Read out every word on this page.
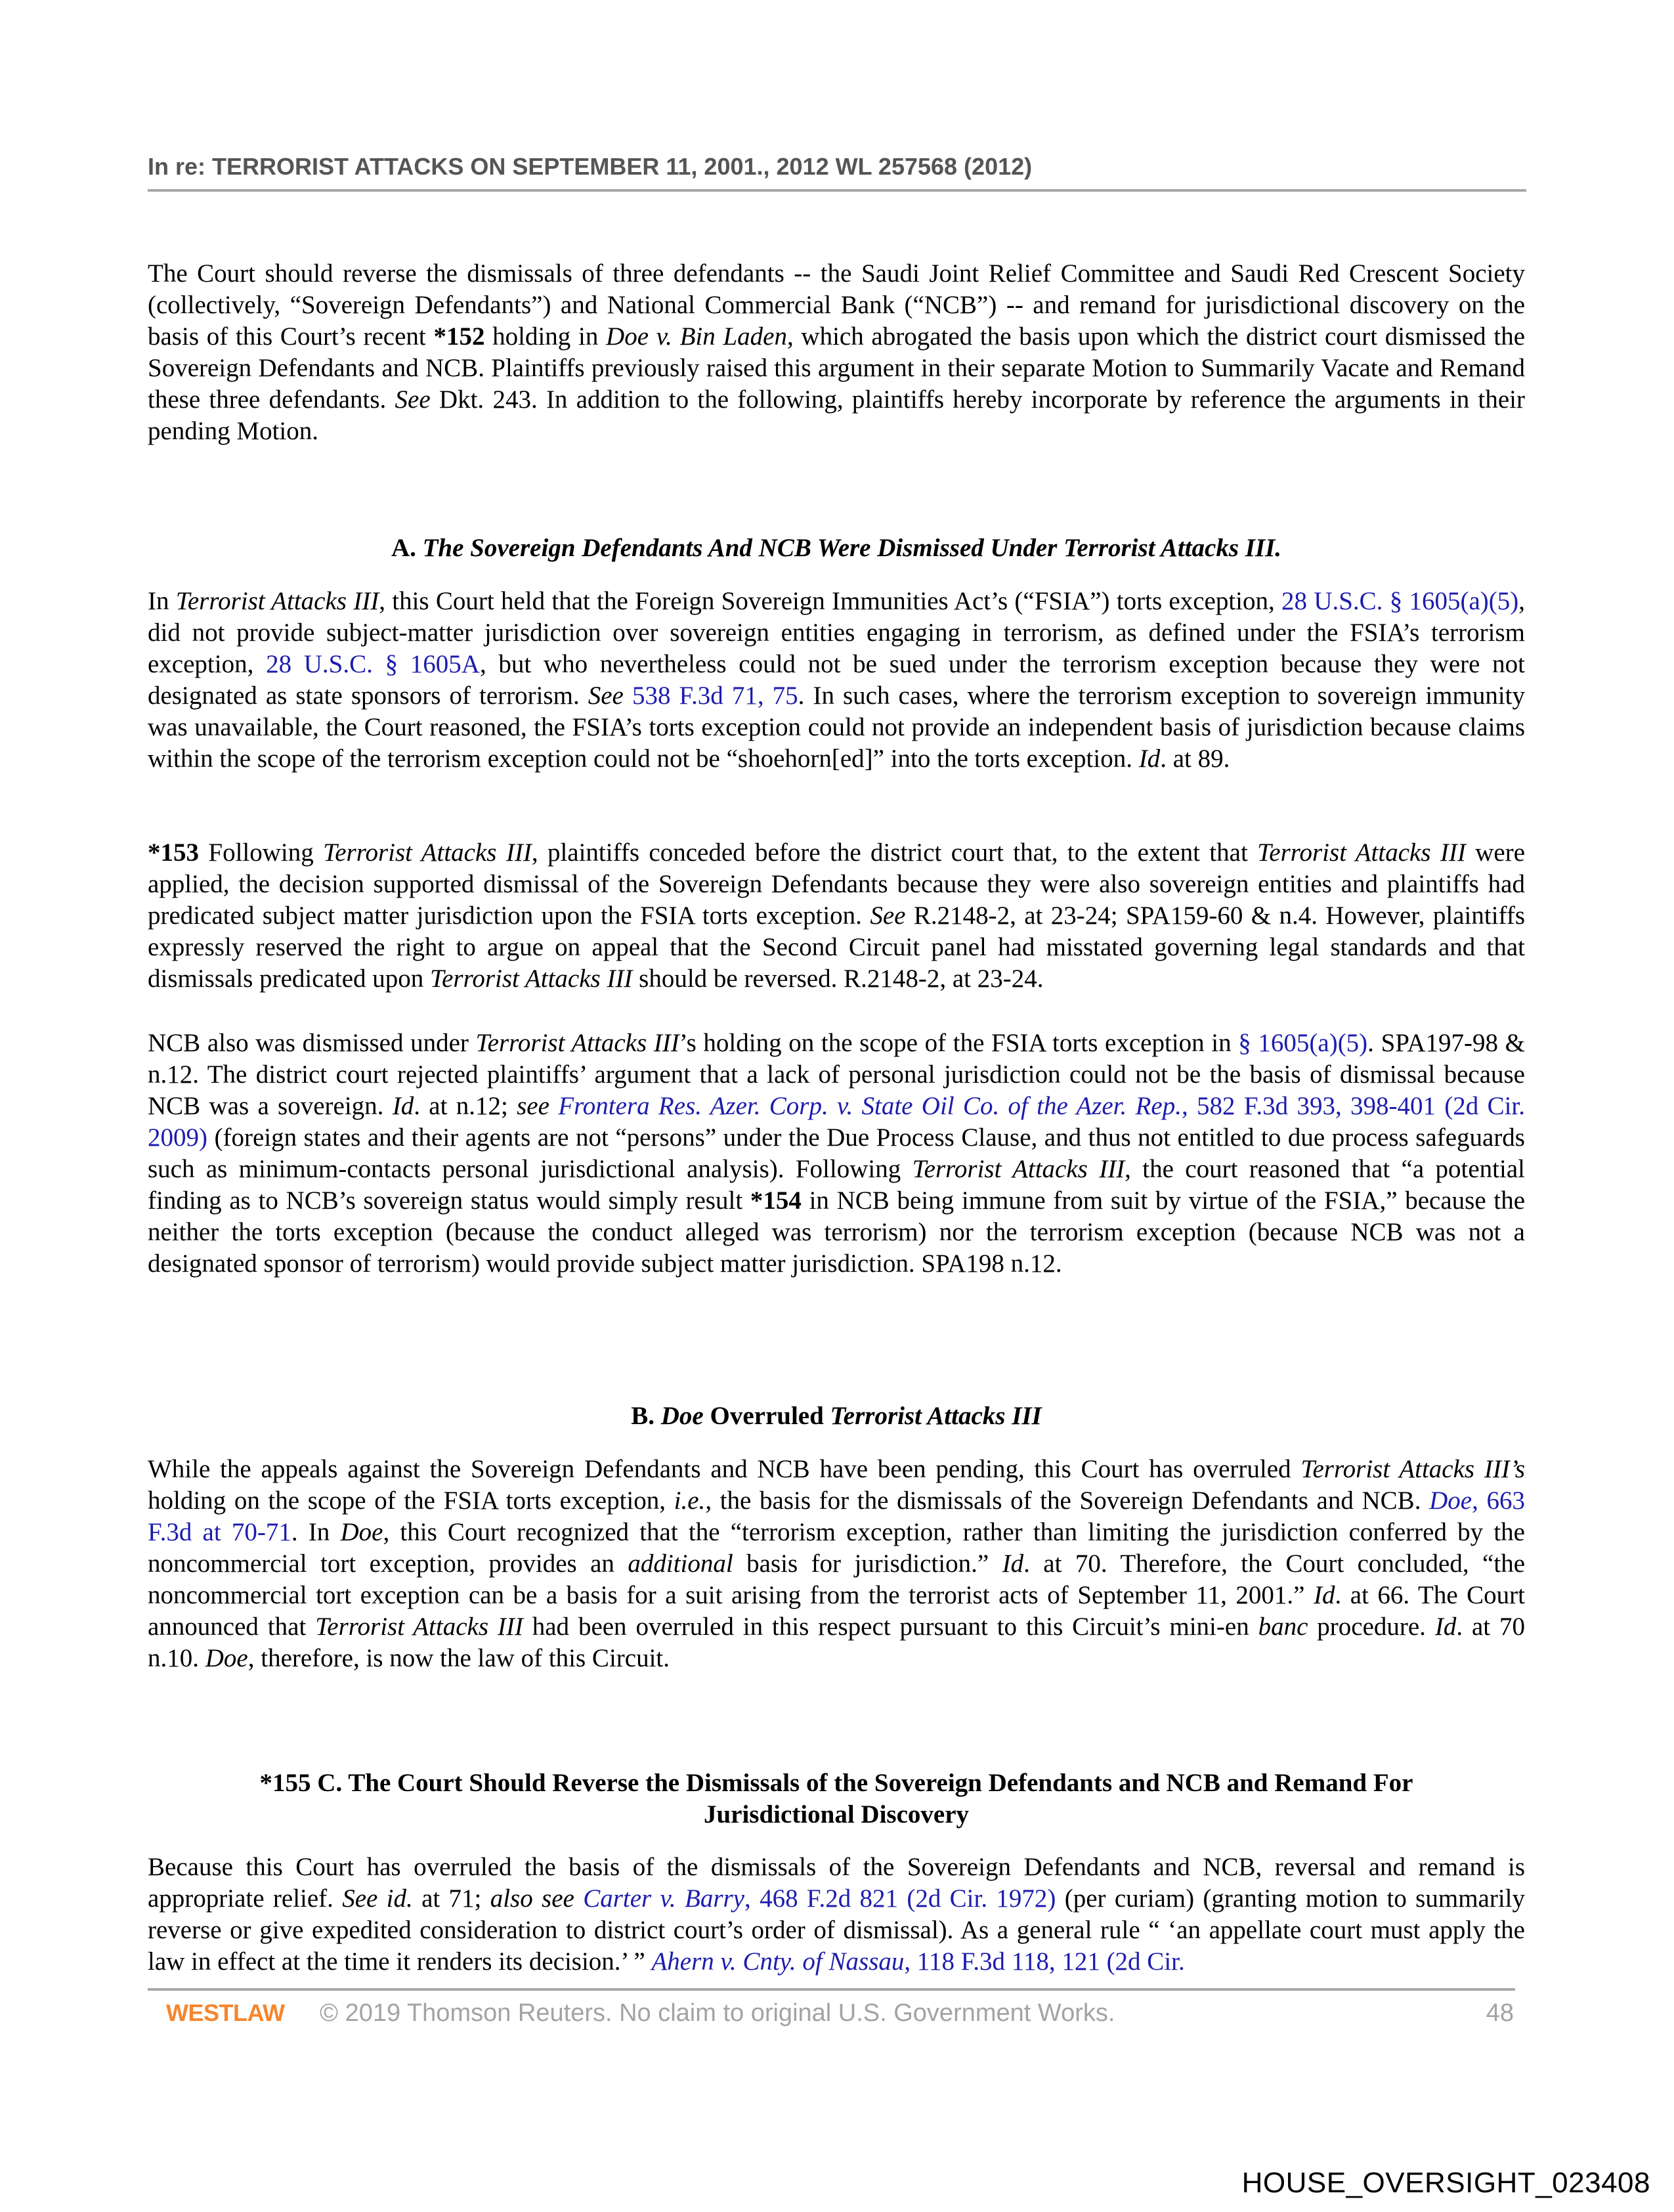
In re: TERRORIST ATTACKS ON SEPTEMBER 11, 2001., 2012 WL 257568 (2012)
The Court should reverse the dismissals of three defendants -- the Saudi Joint Relief Committee and Saudi Red Crescent Society (collectively, “Sovereign Defendants”) and National Commercial Bank (“NCB”) -- and remand for jurisdictional discovery on the basis of this Court’s recent *152 holding in Doe v. Bin Laden, which abrogated the basis upon which the district court dismissed the Sovereign Defendants and NCB. Plaintiffs previously raised this argument in their separate Motion to Summarily Vacate and Remand these three defendants. See Dkt. 243. In addition to the following, plaintiffs hereby incorporate by reference the arguments in their pending Motion.
A. The Sovereign Defendants And NCB Were Dismissed Under Terrorist Attacks III.
In Terrorist Attacks III, this Court held that the Foreign Sovereign Immunities Act’s (“FSIA”) torts exception, 28 U.S.C. § 1605(a)(5), did not provide subject-matter jurisdiction over sovereign entities engaging in terrorism, as defined under the FSIA’s terrorism exception, 28 U.S.C. § 1605A, but who nevertheless could not be sued under the terrorism exception because they were not designated as state sponsors of terrorism. See 538 F.3d 71, 75. In such cases, where the terrorism exception to sovereign immunity was unavailable, the Court reasoned, the FSIA’s torts exception could not provide an independent basis of jurisdiction because claims within the scope of the terrorism exception could not be “shoehorn[ed]” into the torts exception. Id. at 89.
*153 Following Terrorist Attacks III, plaintiffs conceded before the district court that, to the extent that Terrorist Attacks III were applied, the decision supported dismissal of the Sovereign Defendants because they were also sovereign entities and plaintiffs had predicated subject matter jurisdiction upon the FSIA torts exception. See R.2148-2, at 23-24; SPA159-60 & n.4. However, plaintiffs expressly reserved the right to argue on appeal that the Second Circuit panel had misstated governing legal standards and that dismissals predicated upon Terrorist Attacks III should be reversed. R.2148-2, at 23-24.
NCB also was dismissed under Terrorist Attacks III’s holding on the scope of the FSIA torts exception in § 1605(a)(5). SPA197-98 & n.12. The district court rejected plaintiffs’ argument that a lack of personal jurisdiction could not be the basis of dismissal because NCB was a sovereign. Id. at n.12; see Frontera Res. Azer. Corp. v. State Oil Co. of the Azer. Rep., 582 F.3d 393, 398-401 (2d Cir. 2009) (foreign states and their agents are not “persons” under the Due Process Clause, and thus not entitled to due process safeguards such as minimum-contacts personal jurisdictional analysis). Following Terrorist Attacks III, the court reasoned that “a potential finding as to NCB’s sovereign status would simply result *154 in NCB being immune from suit by virtue of the FSIA,” because the neither the torts exception (because the conduct alleged was terrorism) nor the terrorism exception (because NCB was not a designated sponsor of terrorism) would provide subject matter jurisdiction. SPA198 n.12.
B. Doe Overruled Terrorist Attacks III
While the appeals against the Sovereign Defendants and NCB have been pending, this Court has overruled Terrorist Attacks III’s holding on the scope of the FSIA torts exception, i.e., the basis for the dismissals of the Sovereign Defendants and NCB. Doe, 663 F.3d at 70-71. In Doe, this Court recognized that the “terrorism exception, rather than limiting the jurisdiction conferred by the noncommercial tort exception, provides an additional basis for jurisdiction.” Id. at 70. Therefore, the Court concluded, “the noncommercial tort exception can be a basis for a suit arising from the terrorist acts of September 11, 2001.” Id. at 66. The Court announced that Terrorist Attacks III had been overruled in this respect pursuant to this Circuit’s mini-en banc procedure. Id. at 70 n.10. Doe, therefore, is now the law of this Circuit.
*155 C. The Court Should Reverse the Dismissals of the Sovereign Defendants and NCB and Remand For
Jurisdictional Discovery
Because this Court has overruled the basis of the dismissals of the Sovereign Defendants and NCB, reversal and remand is appropriate relief. See id. at 71; also see Carter v. Barry, 468 F.2d 821 (2d Cir. 1972) (per curiam) (granting motion to summarily reverse or give expedited consideration to district court’s order of dismissal). As a general rule “ ‘an appellate court must apply the law in effect at the time it renders its decision.’ ” Ahern v. Cnty. of Nassau, 118 F.3d 118, 121 (2d Cir.
WESTLAW © 2019 Thomson Reuters. No claim to original U.S. Government Works.	48
HOUSE_OVERSIGHT_023408
